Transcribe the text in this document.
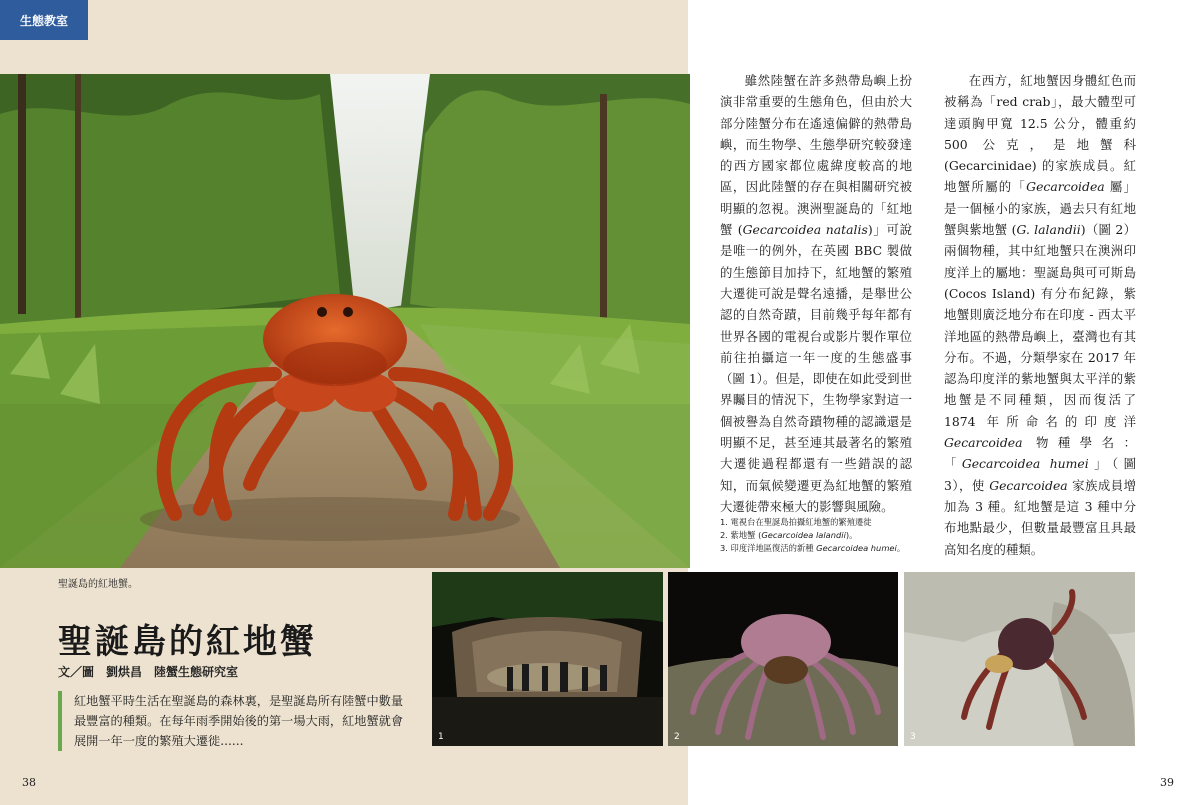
生態教室
聖誕島的紅地蟹。
聖誕島的紅地蟹
文／圖　劉烘昌　陸蟹生態研究室
紅地蟹平時生活在聖誕島的森林裏，是聖誕島所有陸蟹中數量最豐富的種類。在每年雨季開始後的第一場大雨，紅地蟹就會展開一年一度的繁殖大遷徙......	1	2	3
38	39
雖然陸蟹在許多熱帶島嶼上扮演非常重要的生態角色，但由於大部分陸蟹分布在遙遠偏僻的熱帶島嶼，而生物學、生態學研究較發達的西方國家都位處緯度較高的地區，因此陸蟹的存在與相關研究被明顯的忽視。澳洲聖誕島的「紅地蟹 (Gecarcoidea natalis)」可說是唯一的例外，在英國 BBC 製做的生態節目加持下，紅地蟹的繁殖大遷徙可說是聲名遠播，是舉世公認的自然奇蹟，目前幾乎每年都有世界各國的電視台或影片製作單位前往拍攝這一年一度的生態盛事（圖 1）。但是，即使在如此受到世界矚目的情況下，生物學家對這一個被譽為自然奇蹟物種的認識還是明顯不足，甚至連其最著名的繁殖大遷徙過程都還有一些錯誤的認知，而氣候變遷更為紅地蟹的繁殖大遷徙帶來極大的影響與風險。
在西方，紅地蟹因身體紅色而被稱為「red crab」，最大體型可達頭胸甲寬 12.5 公分，體重約 500 公克，是地蟹科 (Gecarcinidae) 的家族成員。紅地蟹所屬的「Gecarcoidea 屬」是一個極小的家族，過去只有紅地蟹與紫地蟹 (G. lalandii)（圖 2）兩個物種，其中紅地蟹只在澳洲印度洋上的屬地：聖誕島與可可斯島 (Cocos Island) 有分布紀錄，紫地蟹則廣泛地分布在印度 - 西太平洋地區的熱帶島嶼上，臺灣也有其分布。不過，分類學家在 2017 年認為印度洋的紫地蟹與太平洋的紫地蟹是不同種類，因而復活了 1874 年所命名的印度洋 Gecarcoidea 物種學名：「Gecarcoidea humei」（圖 3），使 Gecarcoidea 家族成員增加為 3 種。紅地蟹是這 3 種中分布地點最少，但數量最豐富且具最高知名度的種類。
1. 電視台在聖誕島拍攝紅地蟹的繁殖遷徙
2. 紫地蟹 (Gecarcoidea lalandii)。
3. 印度洋地區復活的新種 Gecarcoidea humei。
